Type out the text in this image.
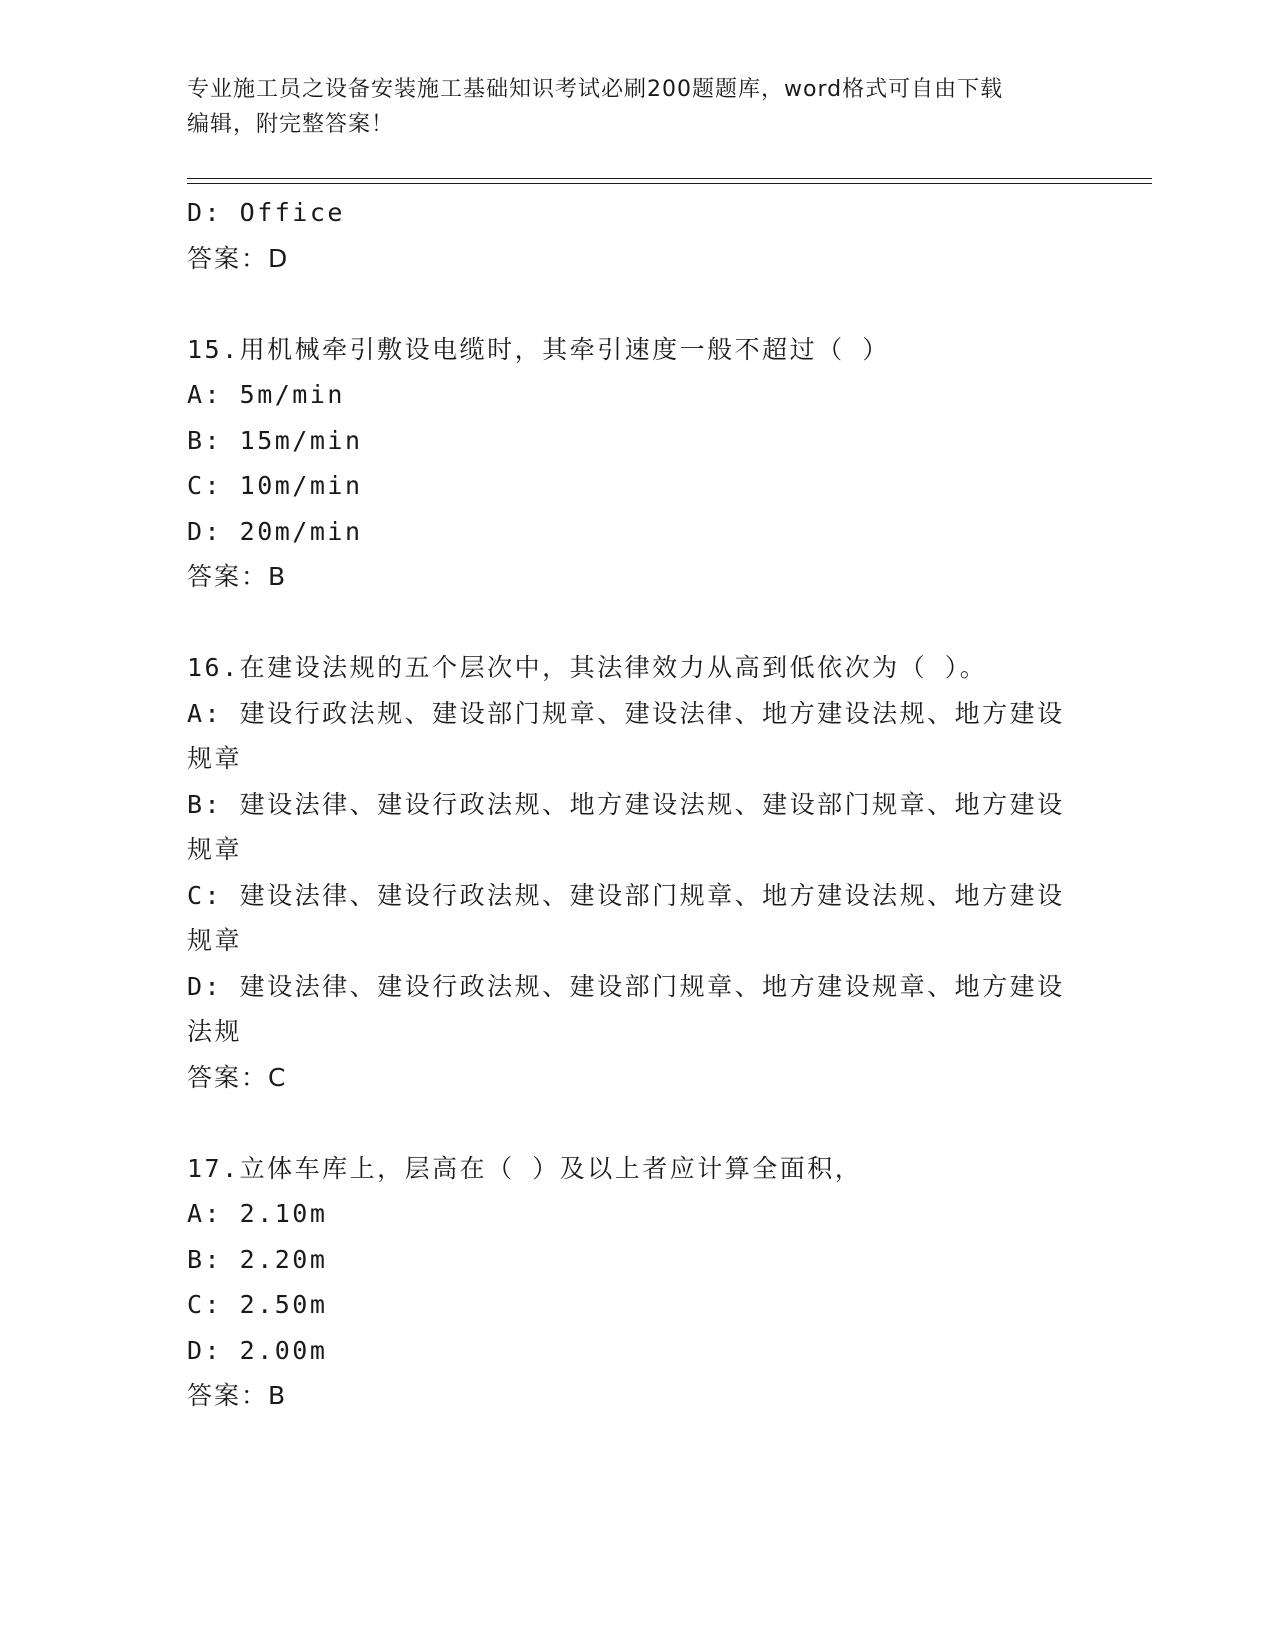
专业施工员之设备安装施工基础知识考试必刷200题题库，word格式可自由下载
编辑，附完整答案！
D: Office
答案：D
15.用机械牵引敷设电缆时，其牵引速度一般不超过（ ）
A: 5m/min
B: 15m/min
C: 10m/min
D: 20m/min
答案：B
16.在建设法规的五个层次中，其法律效力从高到低依次为（ ）。
A: 建设行政法规、建设部门规章、建设法律、地方建设法规、地方建设规章
B: 建设法律、建设行政法规、地方建设法规、建设部门规章、地方建设规章
C: 建设法律、建设行政法规、建设部门规章、地方建设法规、地方建设规章
D: 建设法律、建设行政法规、建设部门规章、地方建设规章、地方建设法规
答案：C
17.立体车库上，层高在（ ）及以上者应计算全面积，
A: 2.10m
B: 2.20m
C: 2.50m
D: 2.00m
答案：B
